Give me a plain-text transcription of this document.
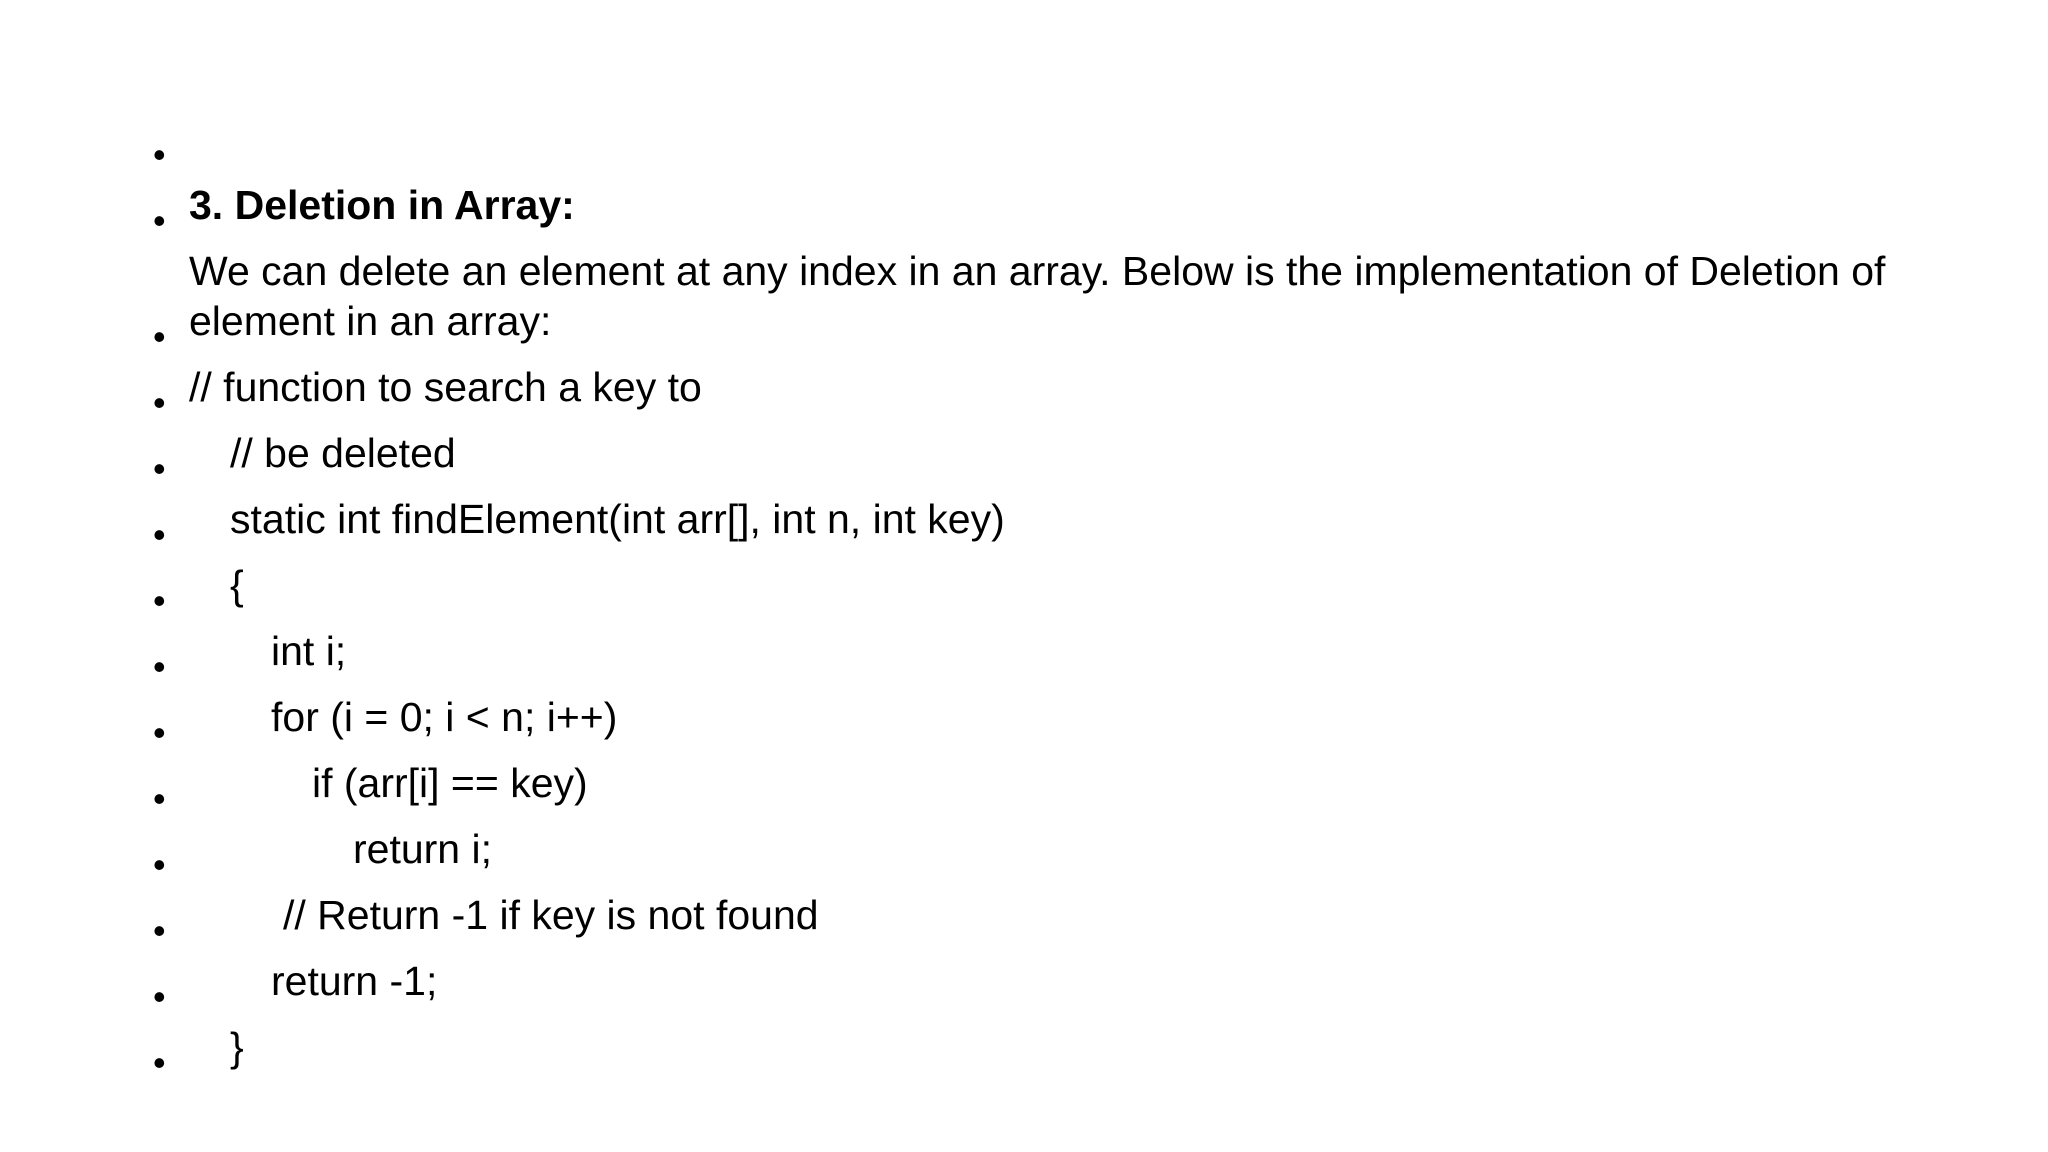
•

3. Deletion in Array:

•

We can delete an element at any index in an array. Below is the implementation of Deletion of element in an array:

•

// function to search a key to

•

// be deleted

•

static int findElement(int arr[], int n, int key)

•

{

•

int i;

•

for (i = 0; i < n; i++)

•

if (arr[i] == key)

•

return i;

•

// Return -1 if key is not found

•

return -1;

•

}

•
